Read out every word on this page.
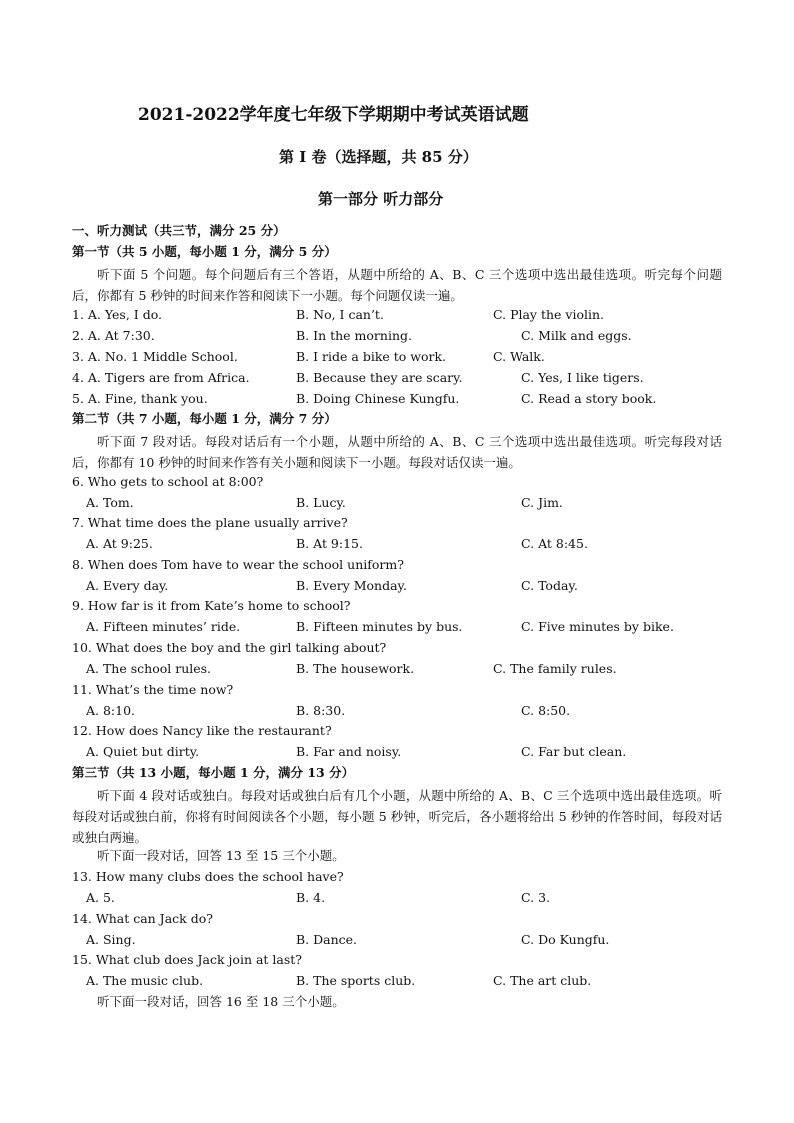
2021-2022学年度七年级下学期期中考试英语试题
第 I 卷（选择题，共 85 分）
第一部分 听力部分
一、听力测试（共三节，满分 25 分）
第一节（共 5 小题，每小题 1 分，满分 5 分）
听下面 5 个问题。每个问题后有三个答语，从题中所给的 A、B、C 三个选项中选出最佳选项。听完每个问题后，你都有 5 秒钟的时间来作答和阅读下一小题。每个问题仅读一遍。
1. A. Yes, I do.	B. No, I can’t.	C. Play the violin.
2. A. At 7:30.	B. In the morning.	C. Milk and eggs.
3. A. No. 1 Middle School.	B. I ride a bike to work.	C. Walk.
4. A. Tigers are from Africa.	B. Because they are scary.	C. Yes, I like tigers.
5. A. Fine, thank you.	B. Doing Chinese Kungfu.	C. Read a story book.
第二节（共 7 小题，每小题 1 分，满分 7 分）
听下面 7 段对话。每段对话后有一个小题，从题中所给的 A、B、C 三个选项中选出最佳选项。听完每段对话后，你都有 10 秒钟的时间来作答有关小题和阅读下一小题。每段对话仅读一遍。
6. Who gets to school at 8:00?
A. Tom.	B. Lucy.	C. Jim.
7. What time does the plane usually arrive?
A. At 9:25.	B. At 9:15.	C. At 8:45.
8. When does Tom have to wear the school uniform?
A. Every day.	B. Every Monday.	C. Today.
9. How far is it from Kate’s home to school?
A. Fifteen minutes’ ride.	B. Fifteen minutes by bus.	C. Five minutes by bike.
10. What does the boy and the girl talking about?
A. The school rules.	B. The housework.	C. The family rules.
11. What’s the time now?
A. 8:10.	B. 8:30.	C. 8:50.
12. How does Nancy like the restaurant?
A. Quiet but dirty.	B. Far and noisy.	C. Far but clean.
第三节（共 13 小题，每小题 1 分，满分 13 分）
听下面 4 段对话或独白。每段对话或独白后有几个小题，从题中所给的 A、B、C 三个选项中选出最佳选项。听每段对话或独白前，你将有时间阅读各个小题，每小题 5 秒钟，听完后，各小题将给出 5 秒钟的作答时间，每段对话或独白两遍。
听下面一段对话，回答 13 至 15 三个小题。
13. How many clubs does the school have?
A. 5.	B. 4.	C. 3.
14. What can Jack do?
A. Sing.	B. Dance.	C. Do Kungfu.
15. What club does Jack join at last?
A. The music club.	B. The sports club.	C. The art club.
听下面一段对话，回答 16 至 18 三个小题。
